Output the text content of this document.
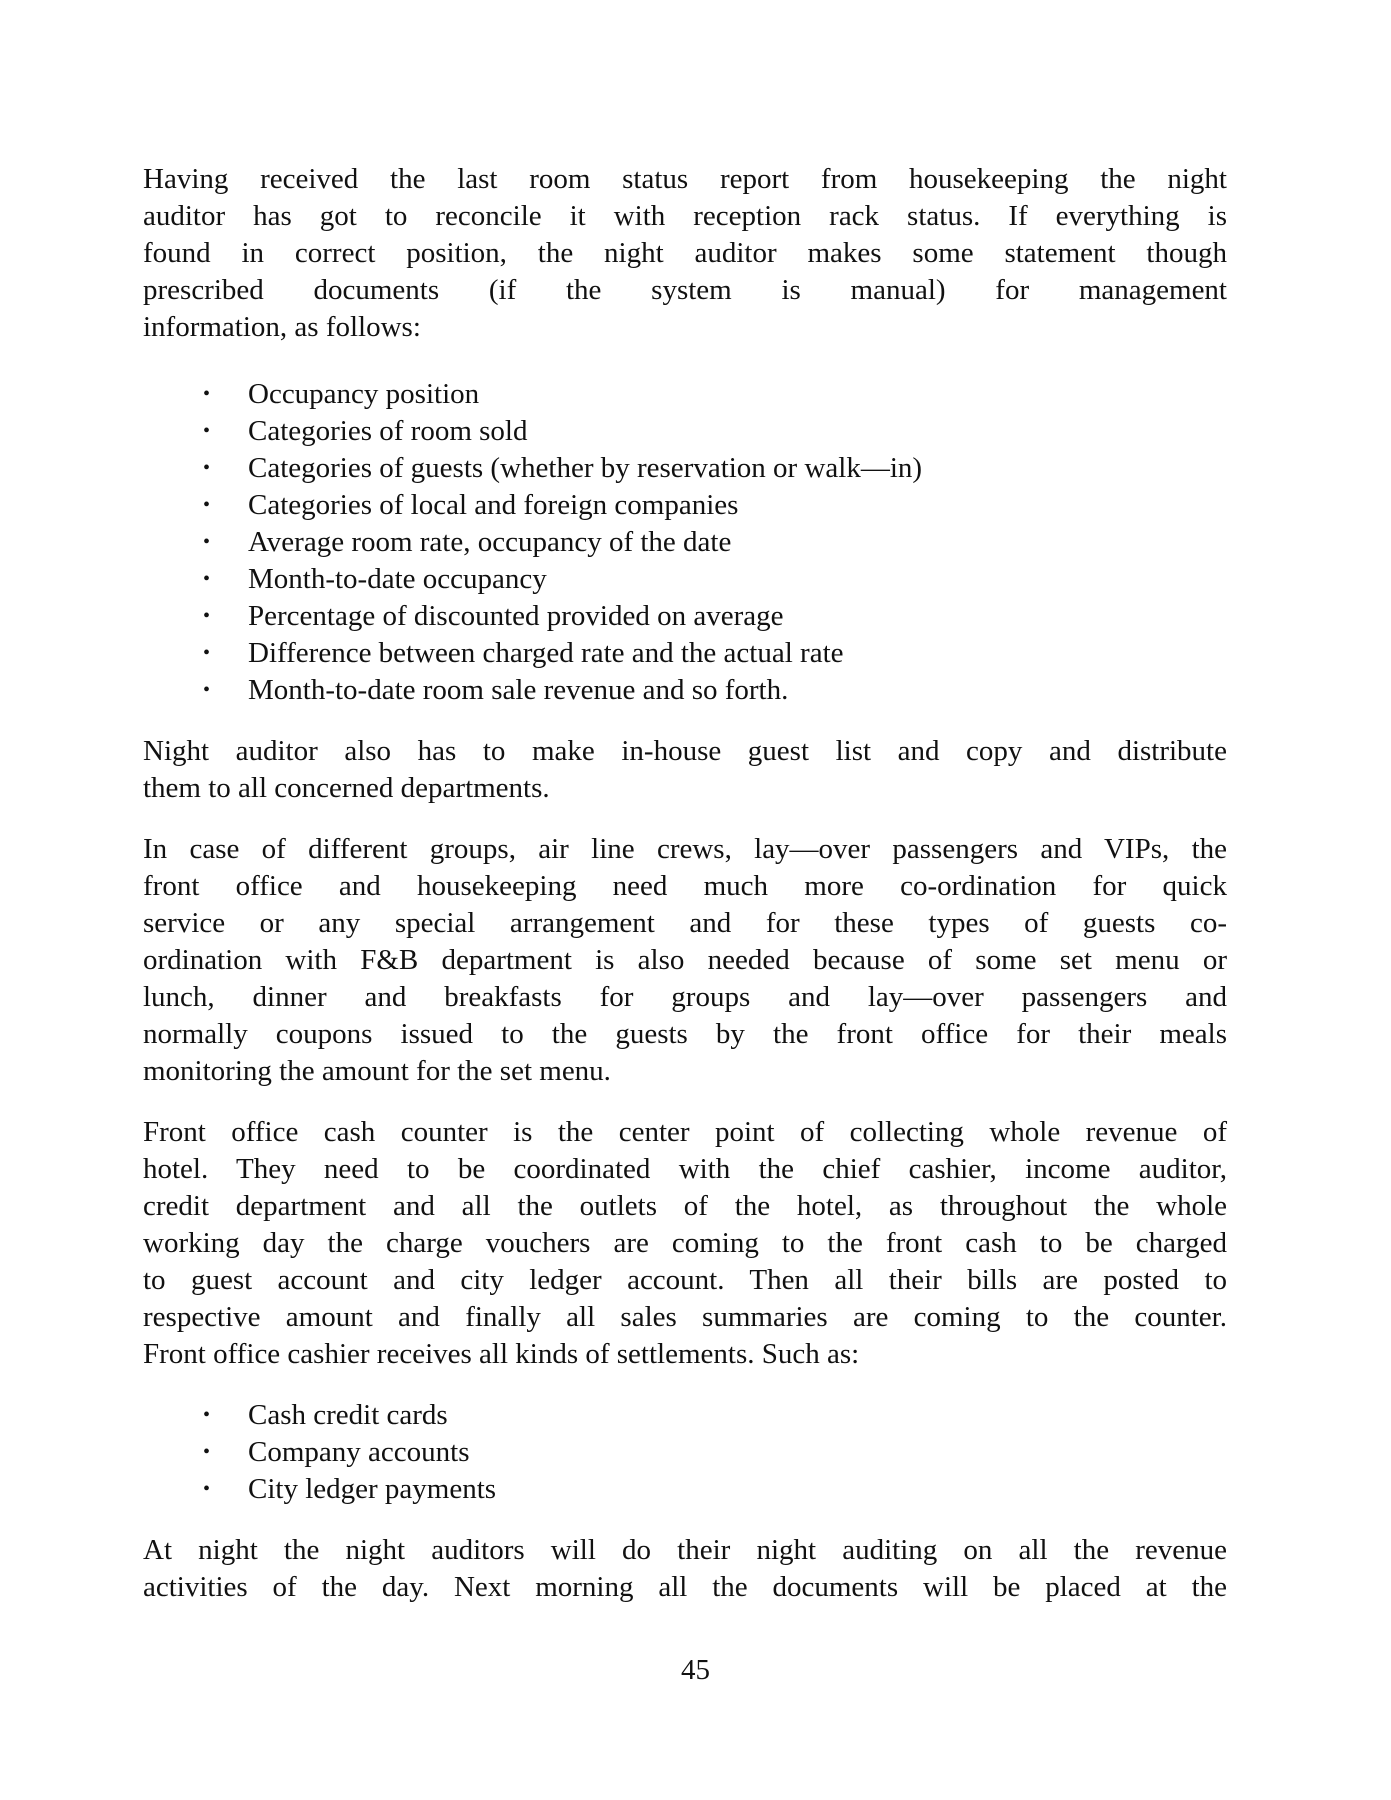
Having received the last room status report from housekeeping the night
auditor has got to reconcile it with reception rack status. If everything is
found in correct position, the night auditor makes some statement though
prescribed documents (if the system is manual) for management
information, as follows:
• Occupancy position
• Categories of room sold
• Categories of guests (whether by reservation or walk—in)
• Categories of local and foreign companies
• Average room rate, occupancy of the date
• Month-to-date occupancy
• Percentage of discounted provided on average
• Difference between charged rate and the actual rate
• Month-to-date room sale revenue and so forth.
Night auditor also has to make in-house guest list and copy and distribute
them to all concerned departments.
In case of different groups, air line crews, lay—over passengers and VIPs, the
front office and housekeeping need much more co-ordination for quick
service or any special arrangement and for these types of guests co-
ordination with F&B department is also needed because of some set menu or
lunch, dinner and breakfasts for groups and lay—over passengers and
normally coupons issued to the guests by the front office for their meals
monitoring the amount for the set menu.
Front office cash counter is the center point of collecting whole revenue of
hotel. They need to be coordinated with the chief cashier, income auditor,
credit department and all the outlets of the hotel, as throughout the whole
working day the charge vouchers are coming to the front cash to be charged
to guest account and city ledger account. Then all their bills are posted to
respective amount and finally all sales summaries are coming to the counter.
Front office cashier receives all kinds of settlements. Such as:
• Cash credit cards
• Company accounts
• City ledger payments
At night the night auditors will do their night auditing on all the revenue
activities of the day. Next morning all the documents will be placed at the
45
